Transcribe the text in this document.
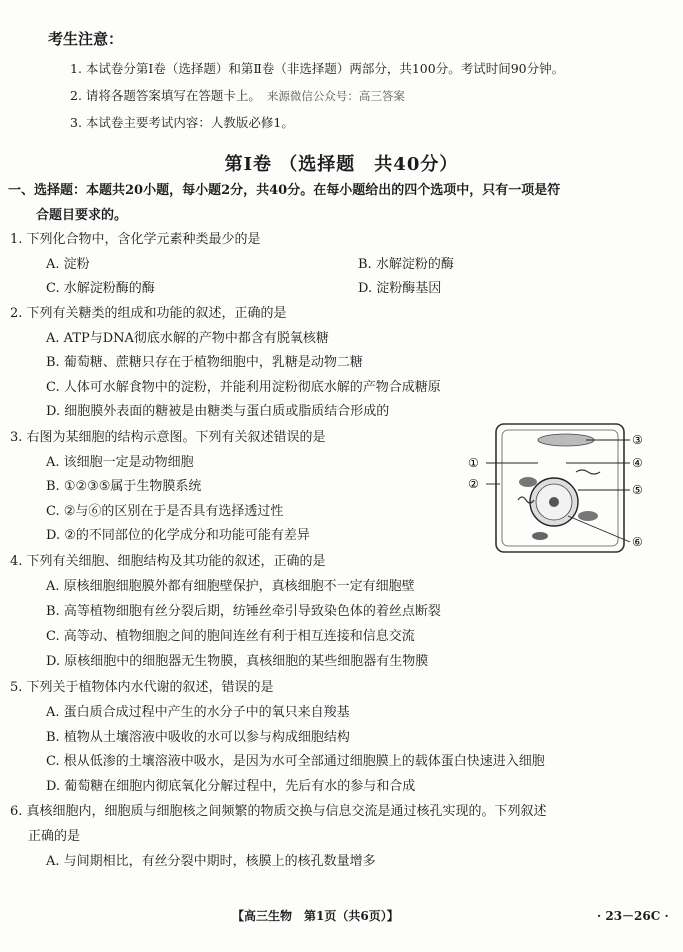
考生注意：
1. 本试卷分第Ⅰ卷（选择题）和第Ⅱ卷（非选择题）两部分，共100分。考试时间90分钟。
2. 请将各题答案填写在答题卡上。 来源微信公众号：高三答案
3. 本试卷主要考试内容：人教版必修1。
第Ⅰ卷 （选择题　共40分）
一、选择题：本题共20小题，每小题2分，共40分。在每小题给出的四个选项中，只有一项是符
合题目要求的。
1. 下列化合物中，含化学元素种类最少的是
A. 淀粉	B. 水解淀粉的酶
C. 水解淀粉酶的酶	D. 淀粉酶基因
2. 下列有关糖类的组成和功能的叙述，正确的是
A. ATP与DNA彻底水解的产物中都含有脱氧核糖
B. 葡萄糖、蔗糖只存在于植物细胞中，乳糖是动物二糖
C. 人体可水解食物中的淀粉，并能利用淀粉彻底水解的产物合成糖原
D. 细胞膜外表面的糖被是由糖类与蛋白质或脂质结合形成的
3. 右图为某细胞的结构示意图。下列有关叙述错误的是
A. 该细胞一定是动物细胞
B. ①②③⑤属于生物膜系统
C. ②与⑥的区别在于是否具有选择透过性
D. ②的不同部位的化学成分和功能可能有差异
①
②
③
④
⑤
⑥
4. 下列有关细胞、细胞结构及其功能的叙述，正确的是
A. 原核细胞细胞膜外都有细胞壁保护，真核细胞不一定有细胞壁
B. 高等植物细胞有丝分裂后期，纺锤丝牵引导致染色体的着丝点断裂
C. 高等动、植物细胞之间的胞间连丝有利于相互连接和信息交流
D. 原核细胞中的细胞器无生物膜，真核细胞的某些细胞器有生物膜
5. 下列关于植物体内水代谢的叙述，错误的是
A. 蛋白质合成过程中产生的水分子中的氧只来自羧基
B. 植物从土壤溶液中吸收的水可以参与构成细胞结构
C. 根从低渗的土壤溶液中吸水，是因为水可全部通过细胞膜上的载体蛋白快速进入细胞
D. 葡萄糖在细胞内彻底氧化分解过程中，先后有水的参与和合成
6. 真核细胞内，细胞质与细胞核之间频繁的物质交换与信息交流是通过核孔实现的。下列叙述
正确的是
A. 与间期相比，有丝分裂中期时，核膜上的核孔数量增多
【高三生物　第1页（共6页）】	· 23－26C ·
